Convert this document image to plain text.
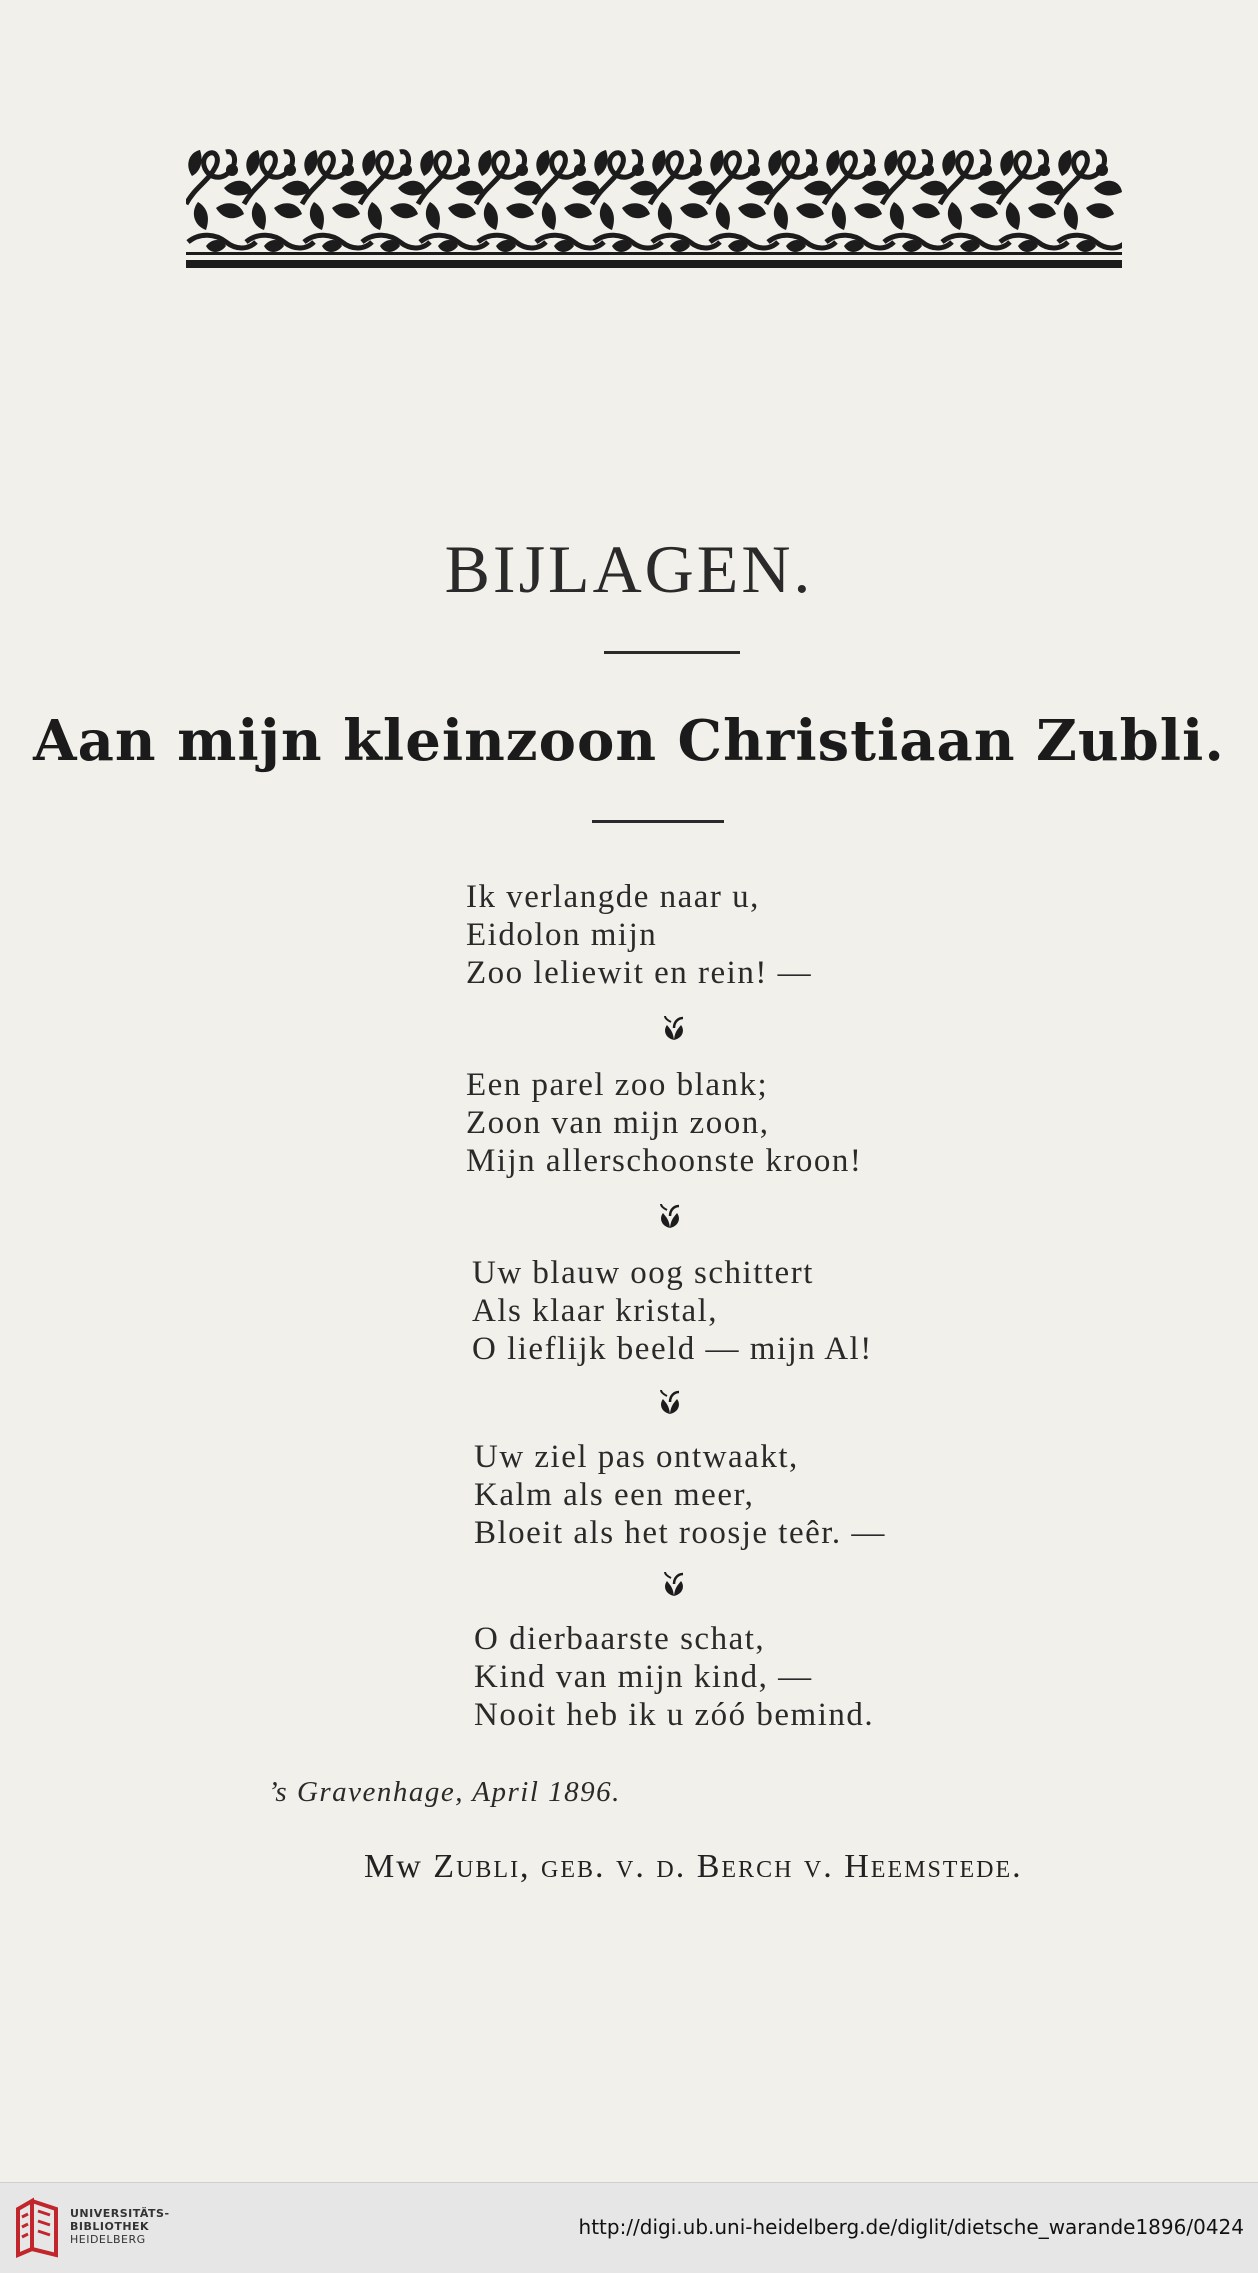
BIJLAGEN.
Aan mijn kleinzoon Christiaan Zubli.
Ik verlangde naar u,
Eidolon mijn
Zoo leliewit en rein! —
Een parel zoo blank;
Zoon van mijn zoon,
Mijn allerschoonste kroon!
Uw blauw oog schittert
Als klaar kristal,
O lieflijk beeld — mijn Al!
Uw ziel pas ontwaakt,
Kalm als een meer,
Bloeit als het roosje teêr. —
O dierbaarste schat,
Kind van mijn kind, —
Nooit heb ik u zóó bemind.
’s Gravenhage, April 1896.
Mw Zubli, geb. v. d. Berch v. Heemstede.
UNIVERSITÄTS-
BIBLIOTHEK
HEIDELBERG
http://digi.ub.uni-heidelberg.de/diglit/dietsche_warande1896/0424
